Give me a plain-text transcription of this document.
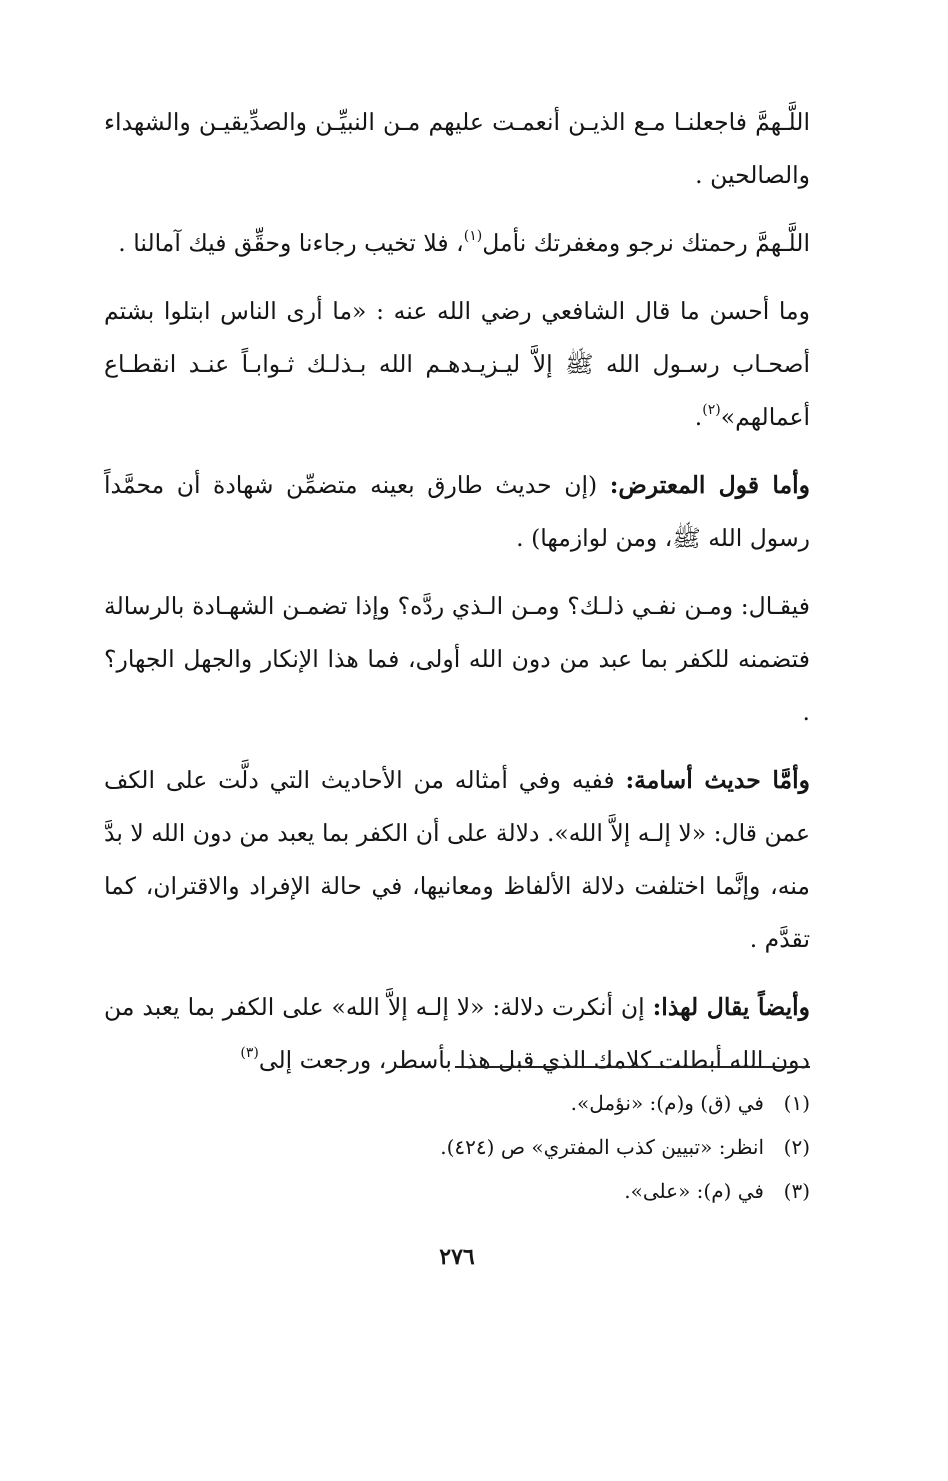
اللَّـهمَّ فاجعلنـا مـع الذيـن أنعمـت عليهم مـن النبيِّـن والصدِّيقيـن والشهداء والصالحين .

اللَّـهمَّ رحمتك نرجو ومغفرتك نأمل$^{(١)}$، فلا تخيب رجاءنا وحقِّق فيك آمالنا .

وما أحسن ما قال الشافعي رضي الله عنه : «ما أرى الناس ابتلوا بشتم أصحـاب رسـول الله ﷺ إلاَّ ليـزيـدهـم الله بـذلـك ثـوابـاً عنـد انقطـاع أعمالهم»$^{(٢)}$.

وأما قول المعترض: (إن حديث طارق بعينه متضمِّن شهادة أن محمَّداً رسول الله ﷺ، ومن لوازمها) .

فيقـال: ومـن نفـي ذلـك؟ ومـن الـذي ردَّه؟ وإذا تضمـن الشهـادة بالرسالة فتضمنه للكفر بما عبد من دون الله أولى، فما هذا الإنكار والجهل الجهار؟ .

وأمَّا حديث أسامة: ففيه وفي أمثاله من الأحاديث التي دلَّت على الكف عمن قال: «لا إلـه إلاَّ الله». دلالة على أن الكفر بما يعبد من دون الله لا بدَّ منه، وإنَّما اختلفت دلالة الألفاظ ومعانيها، في حالة الإفراد والاقتران، كما تقدَّم .

وأيضاً يقال لهذا: إن أنكرت دلالة: «لا إلـه إلاَّ الله» على الكفر بما يعبد من دون الله أبطلت كلامك الذي قبل هذا بأسطر، ورجعت إلى$^{(٣)}$

(١)في (ق) و(م): «نؤمل».
(٢)انظر: «تبيين كذب المفتري» ص (٤٢٤).
(٣)في (م): «على».
٢٧٦
